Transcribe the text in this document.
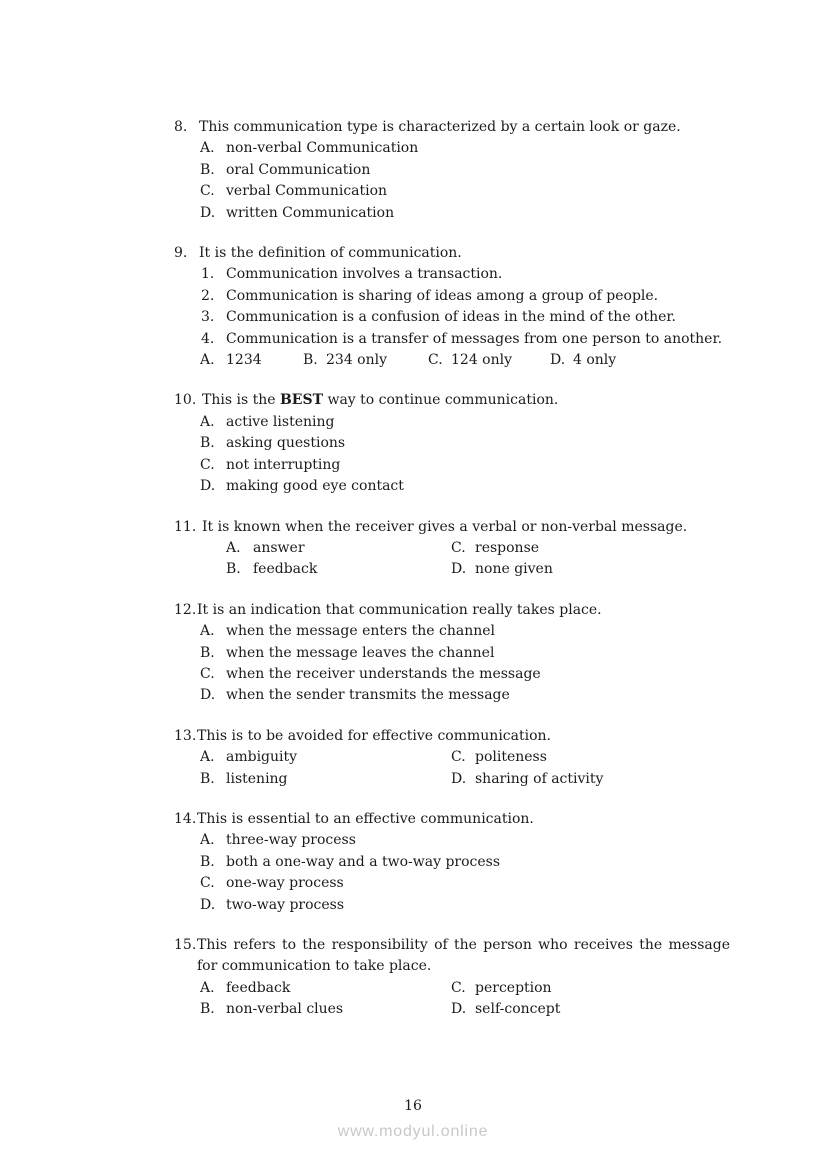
8. This communication type is characterized by a certain look or gaze.
A. non-verbal Communication
B. oral Communication
C. verbal Communication
D. written Communication
9. It is the definition of communication.
1. Communication involves a transaction.
2. Communication is sharing of ideas among a group of people.
3. Communication is a confusion of ideas in the mind of the other.
4. Communication is a transfer of messages from one person to another.
A. 1234	B. 234 only	C. 124 only	D. 4 only
10. This is the BEST way to continue communication.
A. active listening
B. asking questions
C. not interrupting
D. making good eye contact
11. It is known when the receiver gives a verbal or non-verbal message.
A. answer	C. response
B. feedback	D. none given
12. It is an indication that communication really takes place.
A. when the message enters the channel
B. when the message leaves the channel
C. when the receiver understands the message
D. when the sender transmits the message
13. This is to be avoided for effective communication.
A. ambiguity	C. politeness
B. listening	D. sharing of activity
14. This is essential to an effective communication.
A. three-way process
B. both a one-way and a two-way process
C. one-way process
D. two-way process
15. This refers to the responsibility of the person who receives the message for communication to take place.
A. feedback	C. perception
B. non-verbal clues	D. self-concept
16
www.modyul.online
